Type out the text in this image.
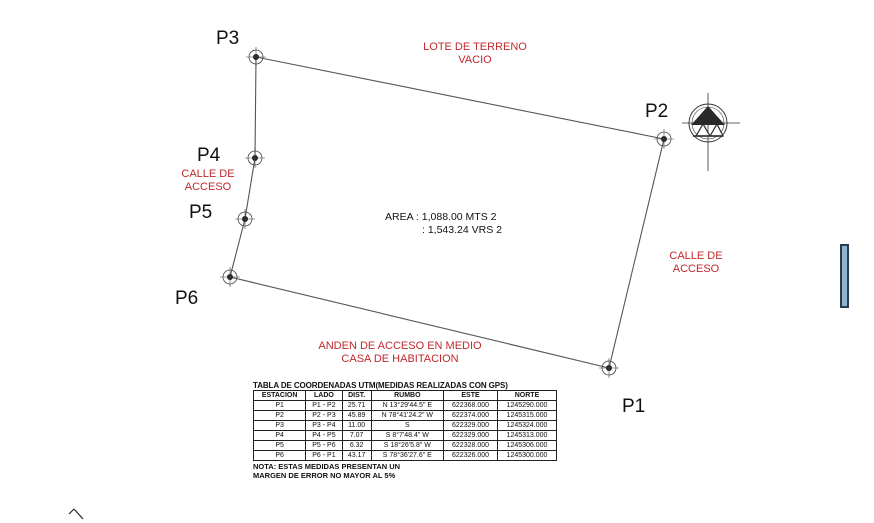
P1
P2
P3
P4
P5
P6
LOTE DE TERRENO
VACIO
CALLE DE
ACCESO
CALLE DE
ACCESO
ANDEN DE ACCESO EN MEDIO
CASA DE HABITACION
AREA : 1,088.00 MTS 2
: 1,543.24 VRS 2
TABLA DE COORDENADAS UTM(MEDIDAS REALIZADAS CON GPS)
ESTACION	LADO	DIST.	RUMBO	ESTE	NORTE
P1	P1 - P2	25.71	N 13°29'44.5" E	622368.000	1245290.000
P2	P2 - P3	45.89	N 78°41'24.2" W	622374.000	1245315.000
P3	P3 - P4	11.00	S	622329.000	1245324.000
P4	P4 - P5	7.07	S 8°7'48.4" W	622329.000	1245313.000
P5	P5 - P6	6.32	S 18°26'5.8" W	622328.000	1245306.000
P6	P6 - P1	43.17	S 78°36'27.6" E	622326.000	1245300.000
NOTA: ESTAS MEDIDAS PRESENTAN UN
MARGEN DE ERROR NO MAYOR AL 5%
